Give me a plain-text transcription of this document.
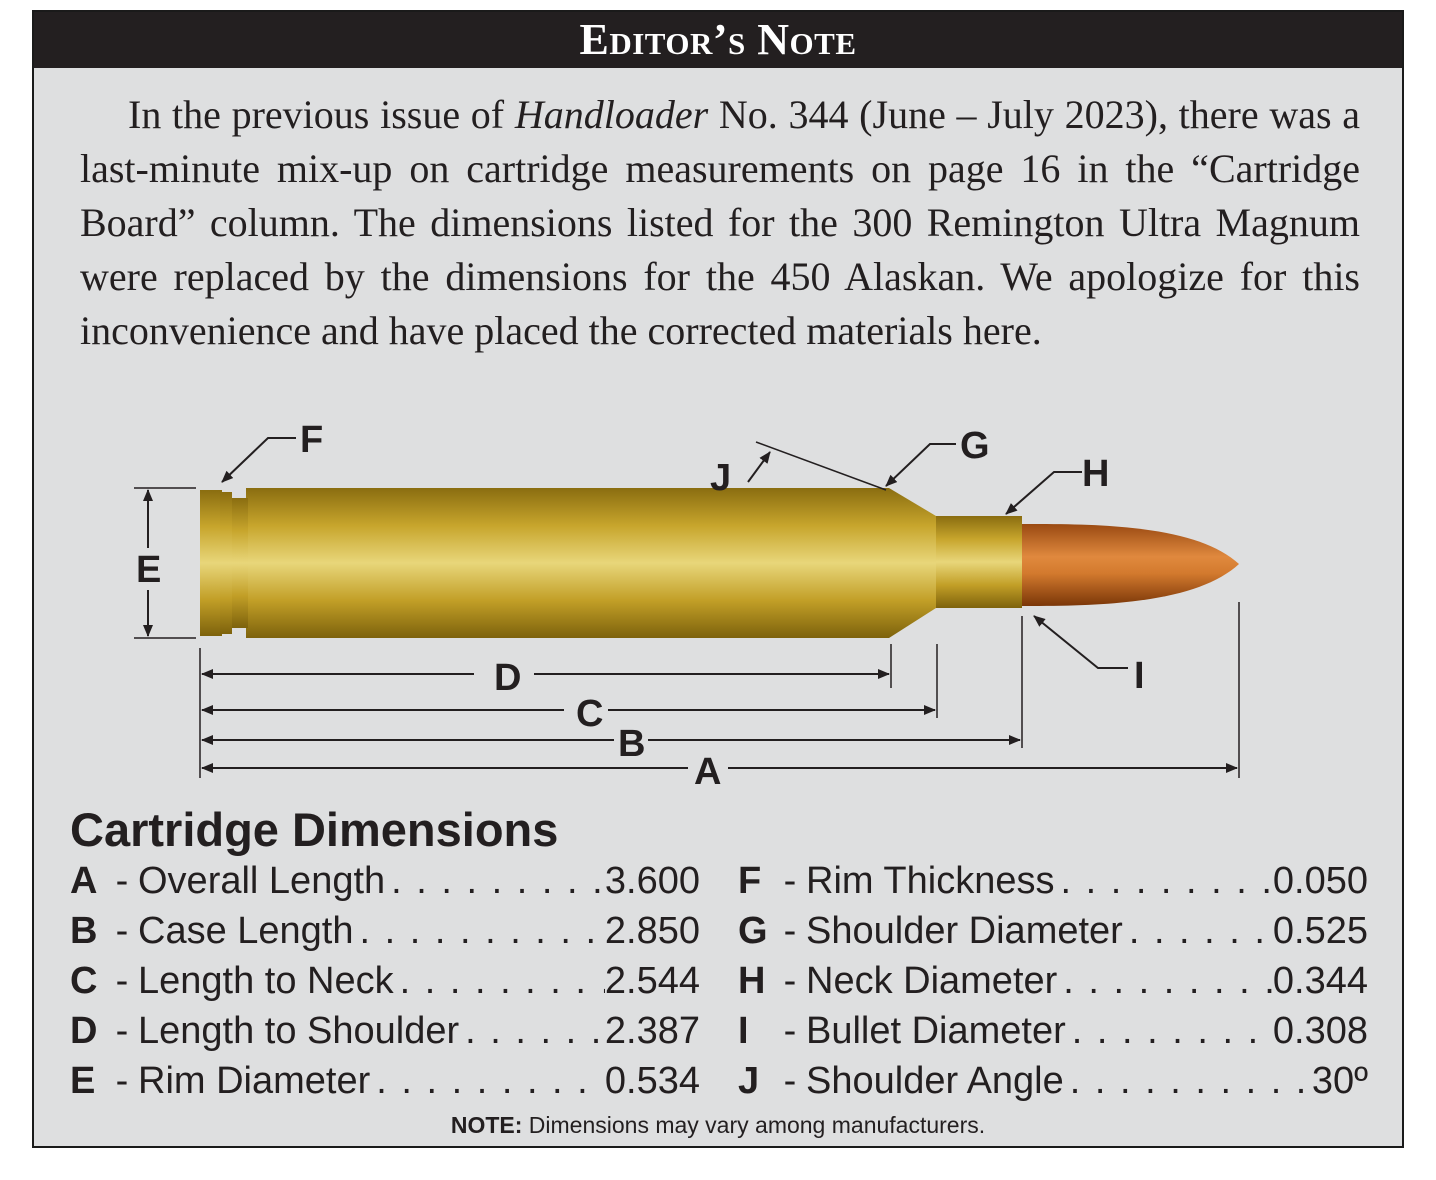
Editor’s Note

In the previous issue of Handloader No. 344 (June – July 2023), there was a last-minute mix-up on cartridge measurements on page 16 in the “Cartridge Board” column. The dimensions listed for the 300 Remington Ultra Magnum were replaced by the dimensions for the 450 Alaskan. We apologize for this inconvenience and have placed the corrected materials here.

E
F
J
G
H
I
D
C
B
A
Cartridge Dimensions
A - Overall Length . . .	3.600
B - Case Length . . .	2.850
C - Length to Neck . . .	2.544
D - Length to Shoulder . . .	2.387
E - Rim Diameter . . .	0.534
F - Rim Thickness . . .	0.050
G - Shoulder Diameter . . .	0.525
H - Neck Diameter . . .	0.344
I - Bullet Diameter . . .	0.308
J - Shoulder Angle . . .	30º
NOTE: Dimensions may vary among manufacturers.
